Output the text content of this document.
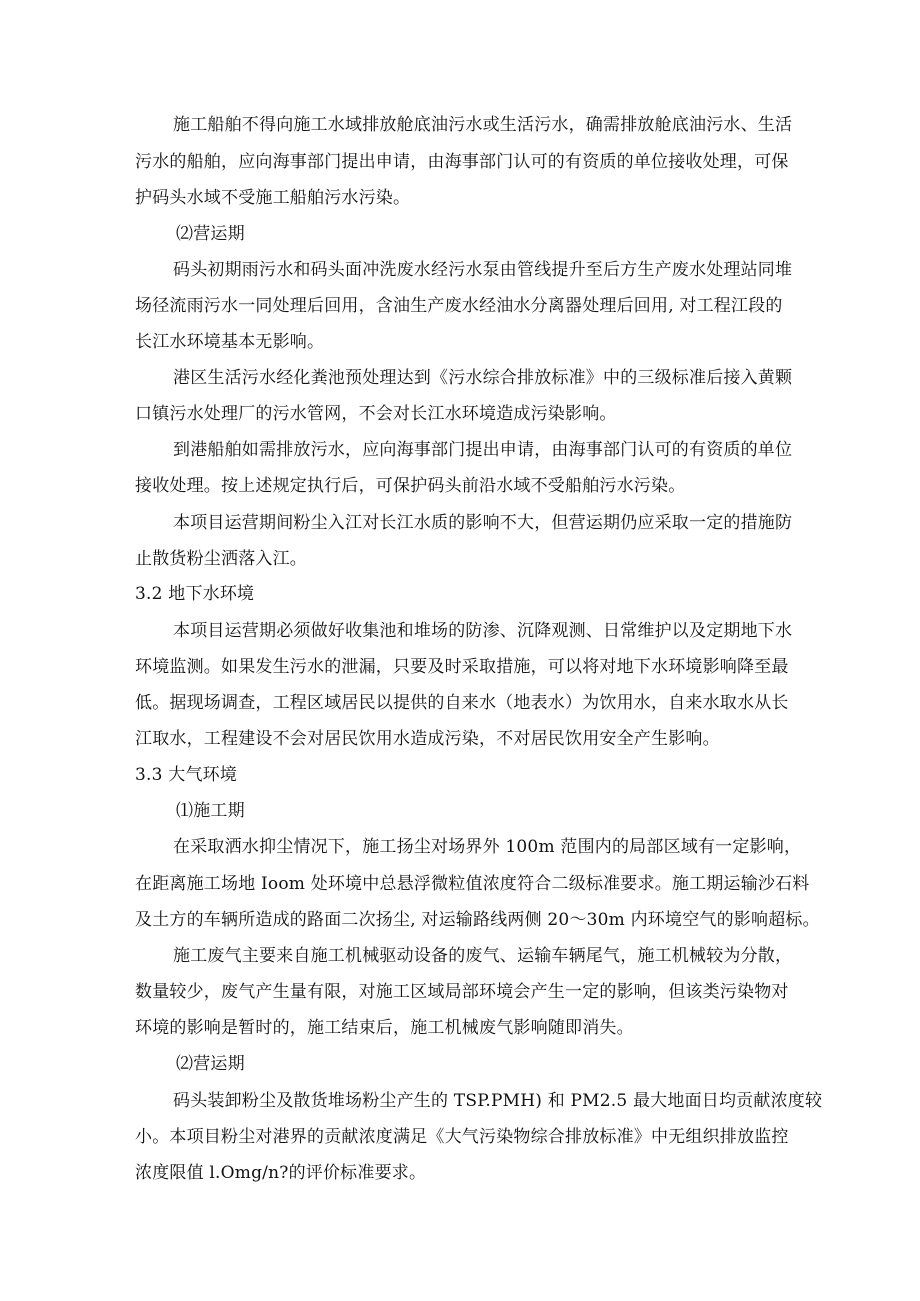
施工船舶不得向施工水域排放舱底油污水或生活污水，确需排放舱底油污水、生活
污水的船舶，应向海事部门提出申请，由海事部门认可的有资质的单位接收处理，可保
护码头水域不受施工船舶污水污染。
⑵营运期
码头初期雨污水和码头面冲洗废水经污水泵由管线提升至后方生产废水处理站同堆
场径流雨污水一同处理后回用，含油生产废水经油水分离器处理后回用, 对工程江段的
长江水环境基本无影响。
港区生活污水经化粪池预处理达到《污水综合排放标准》中的三级标准后接入黄颗
口镇污水处理厂的污水管网，不会对长江水环境造成污染影响。
到港船舶如需排放污水，应向海事部门提出申请，由海事部门认可的有资质的单位
接收处理。按上述规定执行后，可保护码头前沿水域不受船舶污水污染。
本项目运营期间粉尘入江对长江水质的影响不大，但营运期仍应采取一定的措施防
止散货粉尘洒落入江。
3.2 地下水环境
本项目运营期必须做好收集池和堆场的防渗、沉降观测、日常维护以及定期地下水
环境监测。如果发生污水的泄漏，只要及时采取措施，可以将对地下水环境影响降至最
低。据现场调查，工程区域居民以提供的自来水（地表水）为饮用水，自来水取水从长
江取水，工程建设不会对居民饮用水造成污染，不对居民饮用安全产生影响。
3.3 大气环境
⑴施工期
在采取洒水抑尘情况下，施工扬尘对场界外 100m 范围内的局部区域有一定影响，
在距离施工场地 Ioom 处环境中总悬浮微粒值浓度符合二级标准要求。施工期运输沙石料
及土方的车辆所造成的路面二次扬尘, 对运输路线两侧 20～30m 内环境空气的影响超标。
施工废气主要来自施工机械驱动设备的废气、运输车辆尾气，施工机械较为分散，
数量较少，废气产生量有限，对施工区域局部环境会产生一定的影响，但该类污染物对
环境的影响是暂时的，施工结束后，施工机械废气影响随即消失。
⑵营运期
码头装卸粉尘及散货堆场粉尘产生的 TSP.PMH) 和 PM2.5 最大地面日均贡献浓度较
小。本项目粉尘对港界的贡献浓度满足《大气污染物综合排放标准》中无组织排放监控
浓度限值 l.Omg/n?的评价标准要求。
